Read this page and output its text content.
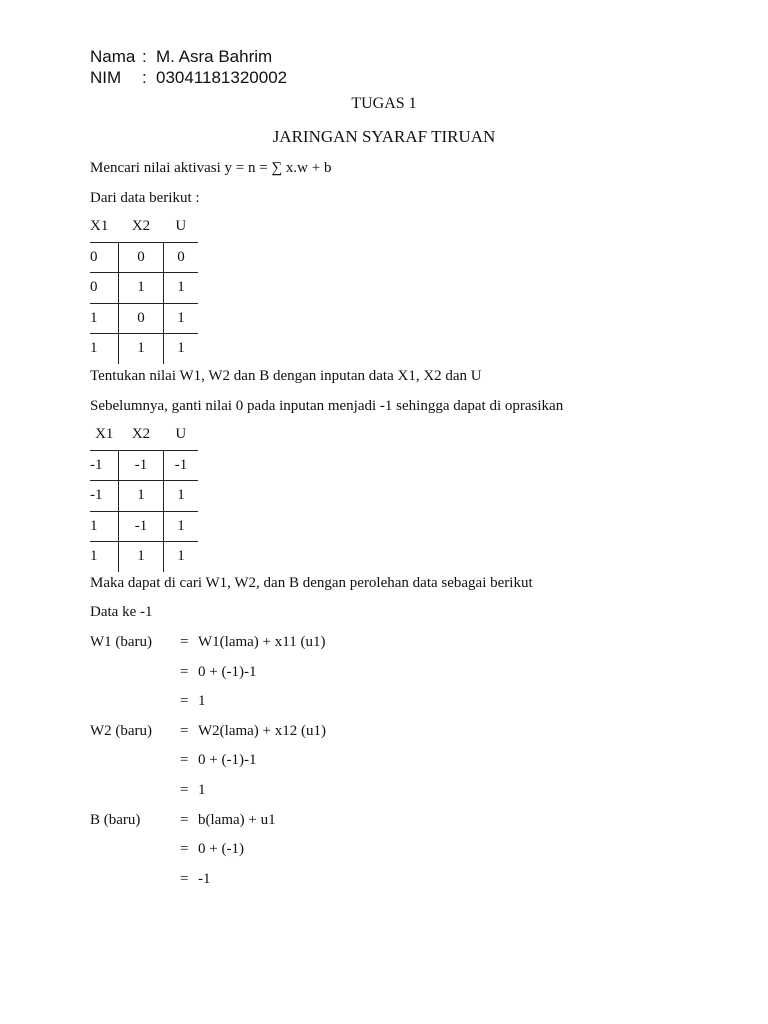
Nama : M. Asra Bahrim
NIM : 03041181320002
TUGAS 1
JARINGAN SYARAF TIRUAN
Mencari nilai aktivasi y = n = ∑ x.w + b
Dari data berikut :
X1	X2	U
0	0	0
0	1	1
1	0	1
1	1	1
Tentukan nilai W1, W2 dan B dengan inputan data X1, X2 dan U
Sebelumnya, ganti nilai 0 pada inputan menjadi -1 sehingga dapat di oprasikan
X1	X2	U
-1	-1	-1
-1	1	1
1	-1	1
1	1	1
Maka dapat di cari W1, W2, dan B dengan perolehan data sebagai berikut
Data ke -1
W1 (baru) = W1(lama) + x11 (u1)
= 0 + (-1)-1
= 1
W2 (baru) = W2(lama) + x12 (u1)
= 0 + (-1)-1
= 1
B (baru)	= b(lama) + u1
= 0 + (-1)
= -1
